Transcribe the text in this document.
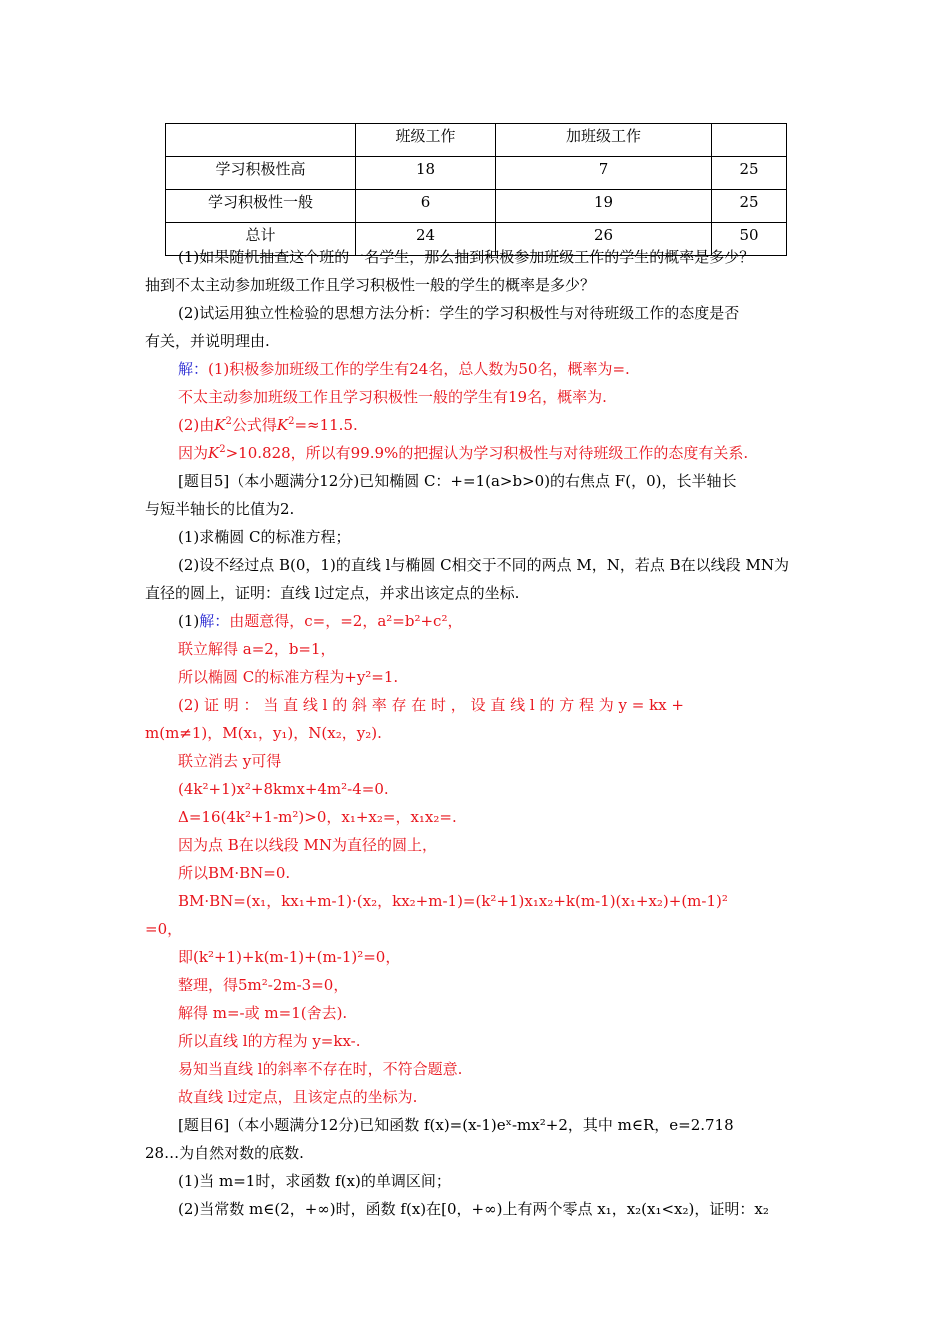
	班级工作	加班级工作	
学习积极性高	18	7	25
学习积极性一般	6	19	25
总计	24	26	50
(1)如果随机抽查这个班的一名学生，那么抽到积极参加班级工作的学生的概率是多少？
抽到不太主动参加班级工作且学习积极性一般的学生的概率是多少？
(2)试运用独立性检验的思想方法分析：学生的学习积极性与对待班级工作的态度是否
有关，并说明理由.
解：(1)积极参加班级工作的学生有24名，总人数为50名，概率为=.
不太主动参加班级工作且学习积极性一般的学生有19名，概率为.
(2)由$K^2$公式得$K^2=\approx 11.5$.
因为$K^2>10.828$，所以有99.9%的把握认为学习积极性与对待班级工作的态度有关系.
[题目5]（本小题满分12分)已知椭圆 C：+=1(a>b>0)的右焦点 F(，0)，长半轴长
与短半轴长的比值为2.
(1)求椭圆 C的标准方程；
(2)设不经过点 B(0，1)的直线 l与椭圆 C相交于不同的两点 M，N，若点 B在以线段 MN为
直径的圆上，证明：直线 l过定点，并求出该定点的坐标.
(1)解：由题意得，c=，=2，a²=b²+c²，
联立解得 a=2，b=1，
所以椭圆 C的标准方程为+y²=1.
(2) 证 明 ： 当 直 线 l 的 斜 率 存 在 时 ， 设 直 线 l 的 方 程 为 y = kx +
m(m≠1)，M(x₁，y₁)，N(x₂，y₂).
联立消去 y可得
(4k²+1)x²+8kmx+4m²-4=0.
Δ=16(4k²+1-m²)>0，x₁+x₂=，x₁x₂=.
因为点 B在以线段 MN为直径的圆上，
所以BM·BN=0.
BM·BN=(x₁，kx₁+m-1)·(x₂，kx₂+m-1)=(k²+1)x₁x₂+k(m-1)(x₁+x₂)+(m-1)²
=0，
即(k²+1)+k(m-1)+(m-1)²=0，
整理，得5m²-2m-3=0，
解得 m=-或 m=1(舍去).
所以直线 l的方程为 y=kx-.
易知当直线 l的斜率不存在时，不符合题意.
故直线 l过定点，且该定点的坐标为.
[题目6]（本小题满分12分)已知函数 f(x)=(x-1)eˣ-mx²+2，其中 m∈R，e=2.718
28…为自然对数的底数.
(1)当 m=1时，求函数 f(x)的单调区间；
(2)当常数 m∈(2，+∞)时，函数 f(x)在[0，+∞)上有两个零点 x₁，x₂(x₁<x₂)，证明：x₂
